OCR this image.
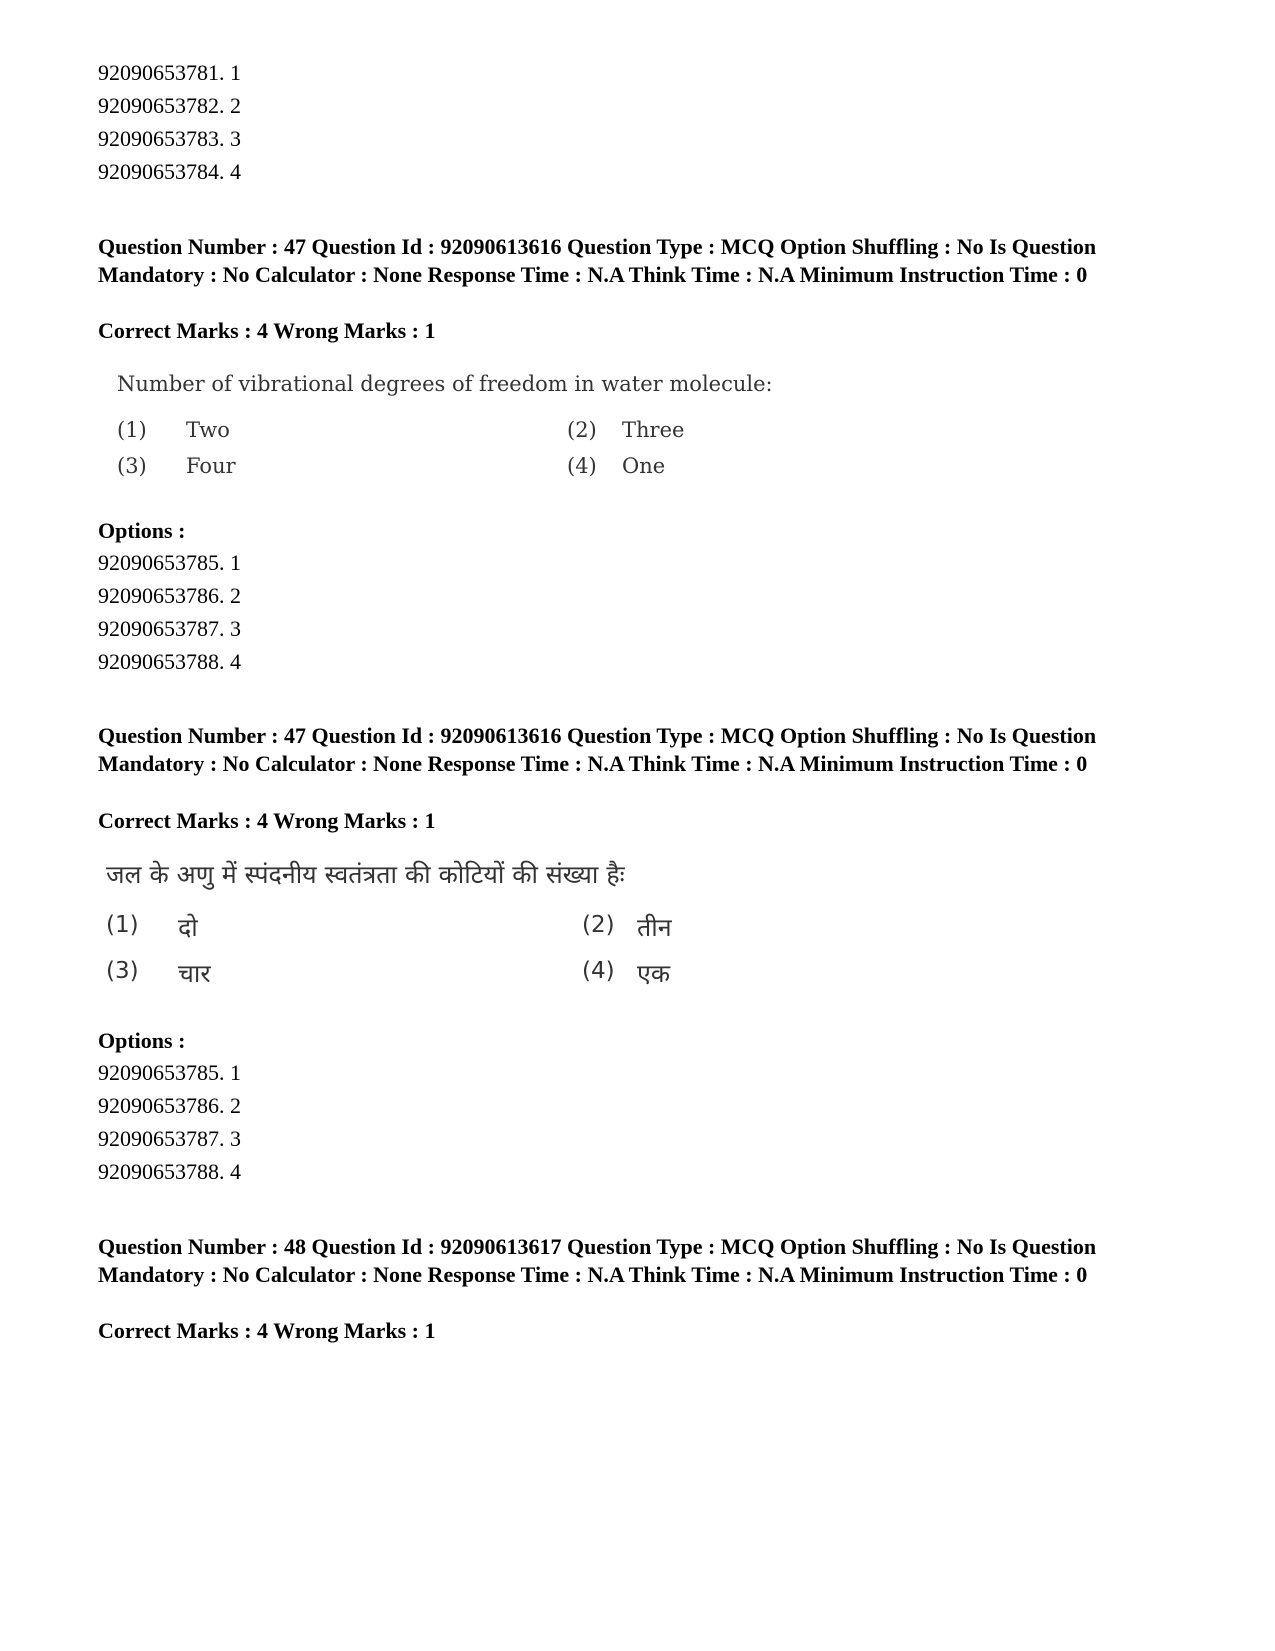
92090653781. 1
92090653782. 2
92090653783. 3
92090653784. 4
Question Number : 47 Question Id : 92090613616 Question Type : MCQ Option Shuffling : No Is Question Mandatory : No Calculator : None Response Time : N.A Think Time : N.A Minimum Instruction Time : 0
Correct Marks : 4 Wrong Marks : 1
Number of vibrational degrees of freedom in water molecule:
(1) Two	(2) Three
(3) Four	(4) One
Options :
92090653785. 1
92090653786. 2
92090653787. 3
92090653788. 4
Question Number : 47 Question Id : 92090613616 Question Type : MCQ Option Shuffling : No Is Question Mandatory : No Calculator : None Response Time : N.A Think Time : N.A Minimum Instruction Time : 0
Correct Marks : 4 Wrong Marks : 1
जल के अणु में स्पंदनीय स्वतंत्रता की कोटियों की संख्या हैः
(1) दो	(2) तीन
(3) चार	(4) एक
Options :
92090653785. 1
92090653786. 2
92090653787. 3
92090653788. 4
Question Number : 48 Question Id : 92090613617 Question Type : MCQ Option Shuffling : No Is Question Mandatory : No Calculator : None Response Time : N.A Think Time : N.A Minimum Instruction Time : 0
Correct Marks : 4 Wrong Marks : 1
